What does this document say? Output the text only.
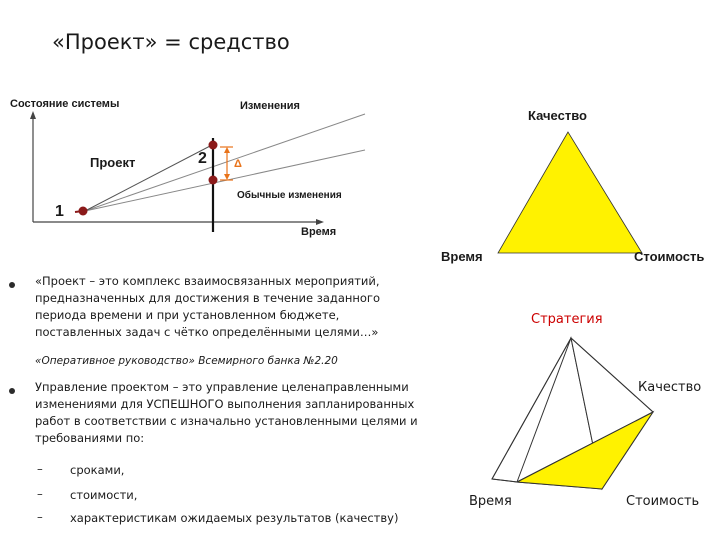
«Проект» = средство
Состояние системы	Изменения
Проект	2 Δ
Обычные изменения
1
Время
Качество
Время	Стоимость
Стратегия
Качество
Время	Стоимость
«Проект – это комплекс взаимосвязанных мероприятий,
предназначенных для достижения в течение заданного
периода времени и при установленном бюджете,
поставленных задач с чётко определёнными целями…»
«Оперативное руководство» Всемирного банка №2.20
Управление проектом – это управление целенаправленными
изменениями для УСПЕШНОГО выполнения запланированных
работ в соответствии с изначально установленными целями и
требованиями по:
– сроками,
– стоимости,
– характеристикам ожидаемых результатов (качеству)
